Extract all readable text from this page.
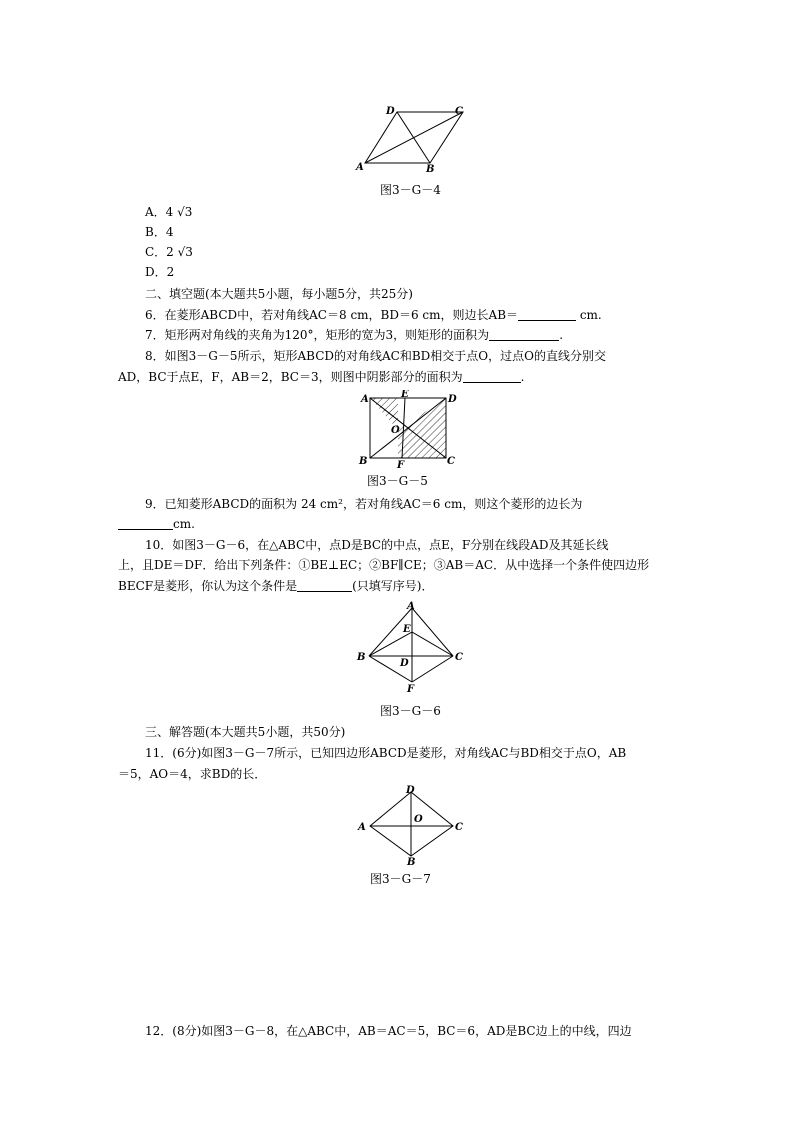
A	B
C
D
图3－G－4
A．4 √3
B．4
C．2 √3
D．2
二、填空题(本大题共5小题，每小题5分，共25分)
6．在菱形ABCD中，若对角线AC＝8 cm，BD＝6 cm，则边长AB＝	cm.
7．矩形两对角线的夹角为120°，矩形的宽为3，则矩形的面积为	.
8．如图3－G－5所示，矩形ABCD的对角线AC和BD相交于点O，过点O的直线分别交
AD，BC于点E，F，AB＝2，BC＝3，则图中阴影部分的面积为	.
A
B	C
D
E
F
O
图3－G－5
9．已知菱形ABCD的面积为 24 cm²，若对角线AC＝6 cm，则这个菱形的边长为
cm.
10．如图3－G－6，在△ABC中，点D是BC的中点，点E，F分别在线段AD及其延长线
上，且DE＝DF．给出下列条件：①BE⊥EC；②BF∥CE；③AB＝AC．从中选择一个条件使四边形
BECF是菱形，你认为这个条件是	(只填写序号)．
A
B	C
D
E
F
图3－G－6
三、解答题(本大题共5小题，共50分)
11．(6分)如图3－G－7所示，已知四边形ABCD是菱形，对角线AC与BD相交于点O，AB
＝5，AO＝4，求BD的长．
A
B
C
D
O
图3－G－7
12．(8分)如图3－G－8，在△ABC中，AB＝AC＝5，BC＝6，AD是BC边上的中线，四边
